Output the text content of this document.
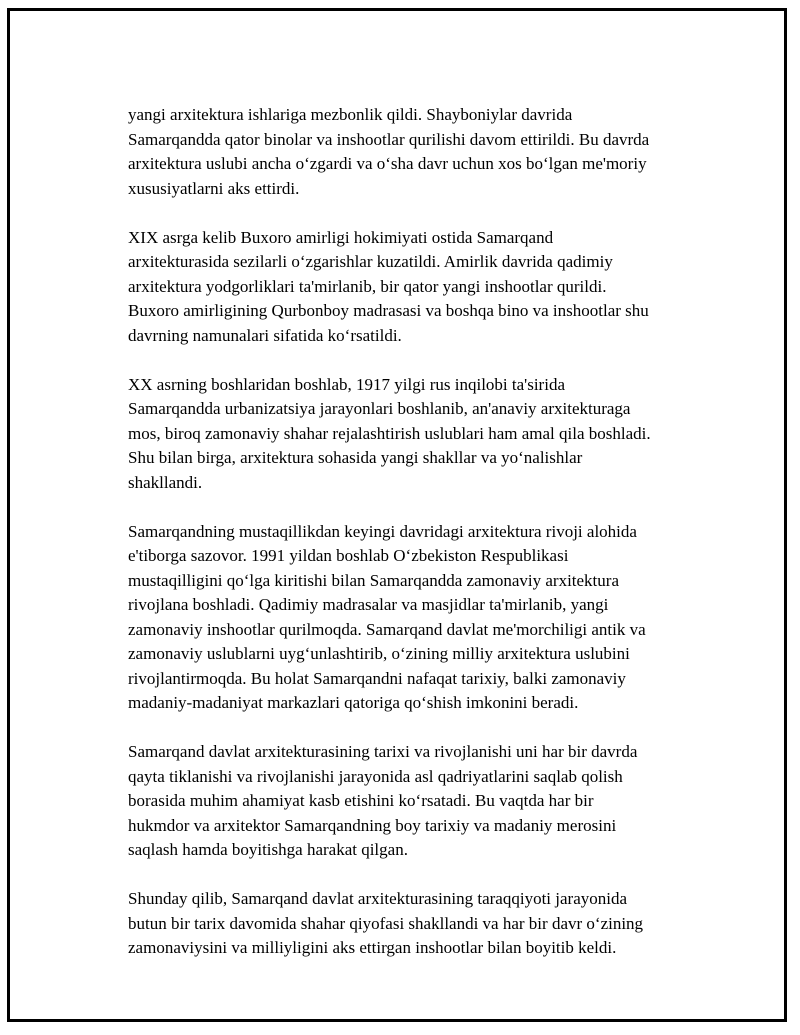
yangi arxitektura ishlariga mezbonlik qildi. Shayboniylar davrida
Samarqandda qator binolar va inshootlar qurilishi davom ettirildi. Bu davrda
arxitektura uslubi ancha oʻzgardi va oʻsha davr uchun xos boʻlgan me'moriy
xususiyatlarni aks ettirdi.

XIX asrga kelib Buxoro amirligi hokimiyati ostida Samarqand
arxitekturasida sezilarli oʻzgarishlar kuzatildi. Amirlik davrida qadimiy
arxitektura yodgorliklari ta'mirlanib, bir qator yangi inshootlar qurildi.
Buxoro amirligining Qurbonboy madrasasi va boshqa bino va inshootlar shu
davrning namunalari sifatida koʻrsatildi.

XX asrning boshlaridan boshlab, 1917 yilgi rus inqilobi ta'sirida
Samarqandda urbanizatsiya jarayonlari boshlanib, an'anaviy arxitekturaga
mos, biroq zamonaviy shahar rejalashtirish uslublari ham amal qila boshladi.
Shu bilan birga, arxitektura sohasida yangi shakllar va yoʻnalishlar
shakllandi.

Samarqandning mustaqillikdan keyingi davridagi arxitektura rivoji alohida
e'tiborga sazovor. 1991 yildan boshlab Oʻzbekiston Respublikasi
mustaqilligini qoʻlga kiritishi bilan Samarqandda zamonaviy arxitektura
rivojlana boshladi. Qadimiy madrasalar va masjidlar ta'mirlanib, yangi
zamonaviy inshootlar qurilmoqda. Samarqand davlat me'morchiligi antik va
zamonaviy uslublarni uygʻunlashtirib, oʻzining milliy arxitektura uslubini
rivojlantirmoqda. Bu holat Samarqandni nafaqat tarixiy, balki zamonaviy
madaniy-madaniyat markazlari qatoriga qoʻshish imkonini beradi.

Samarqand davlat arxitekturasining tarixi va rivojlanishi uni har bir davrda
qayta tiklanishi va rivojlanishi jarayonida asl qadriyatlarini saqlab qolish
borasida muhim ahamiyat kasb etishini koʻrsatadi. Bu vaqtda har bir
hukmdor va arxitektor Samarqandning boy tarixiy va madaniy merosini
saqlash hamda boyitishga harakat qilgan.

Shunday qilib, Samarqand davlat arxitekturasining taraqqiyoti jarayonida
butun bir tarix davomida shahar qiyofasi shakllandi va har bir davr oʻzining
zamonaviysini va milliyligini aks ettirgan inshootlar bilan boyitib keldi.
